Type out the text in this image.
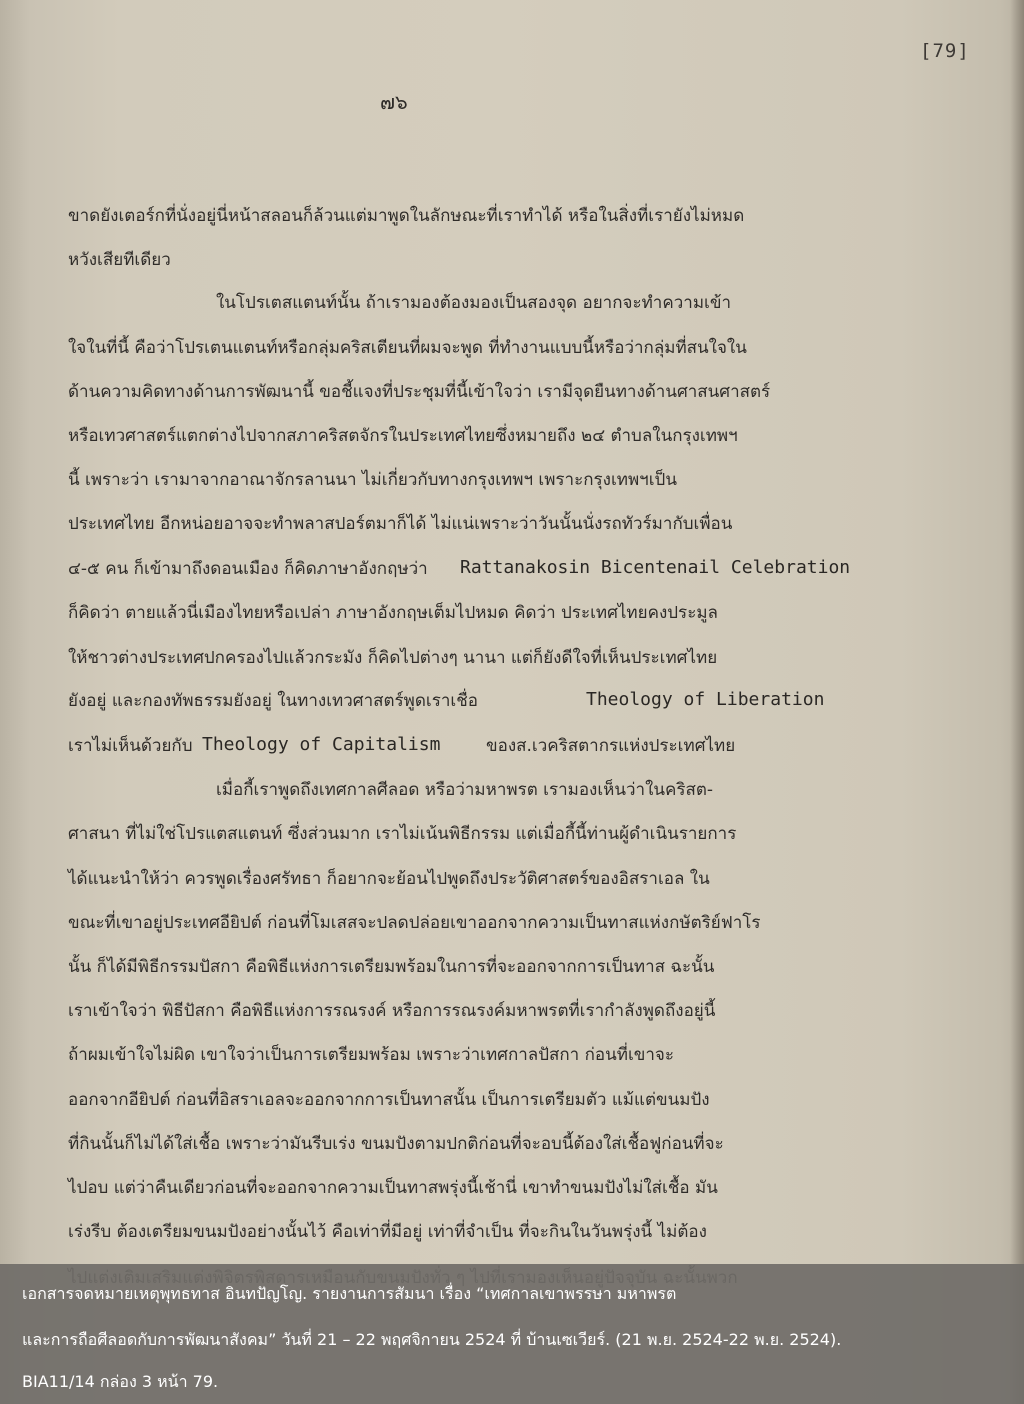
[79]
๗๖
ขาดยังเตอร์กที่นั่งอยู่นี่หน้าสลอนก็ล้วนแต่มาพูดในลักษณะที่เราทำได้ หรือในสิ่งที่เรายังไม่หมด
หวังเสียทีเดียว
ในโปรเตสแตนท์นั้น ถ้าเรามองต้องมองเป็นสองจุด อยากจะทำความเข้า
ใจในที่นี้ คือว่าโปรเตนแตนท์หรือกลุ่มคริสเตียนที่ผมจะพูด ที่ทำงานแบบนี้หรือว่ากลุ่มที่สนใจใน
ด้านความคิดทางด้านการพัฒนานี้ ขอชี้แจงที่ประชุมที่นี้เข้าใจว่า เรามีจุดยืนทางด้านศาสนศาสตร์
หรือเทวศาสตร์แตกต่างไปจากสภาคริสตจักรในประเทศไทยซึ่งหมายถึง ๒๔ ตำบลในกรุงเทพฯ
นี้ เพราะว่า เรามาจากอาณาจักรลานนา ไม่เกี่ยวกับทางกรุงเทพฯ เพราะกรุงเทพฯเป็น
ประเทศไทย อีกหน่อยอาจจะทำพลาสปอร์ตมาก็ได้ ไม่แน่เพราะว่าวันนั้นนั่งรถทัวร์มากับเพื่อน
๔-๕ คน ก็เข้ามาถึงดอนเมือง ก็คิดภาษาอังกฤษว่า Rattanakosin Bicentenail Celebration
ก็คิดว่า ตายแล้วนี่เมืองไทยหรือเปล่า ภาษาอังกฤษเต็มไปหมด คิดว่า ประเทศไทยคงประมูล
ให้ชาวต่างประเทศปกครองไปแล้วกระมัง ก็คิดไปต่างๆ นานา แต่ก็ยังดีใจที่เห็นประเทศไทย
ยังอยู่ และกองทัพธรรมยังอยู่ ในทางเทวศาสตร์พูดเราเชื่อ	Theology of Liberation
เราไม่เห็นด้วยกับ Theology of Capitalism	ของส.เวคริสตากรแห่งประเทศไทย
เมื่อกี้เราพูดถึงเทศกาลศีลอด หรือว่ามหาพรต เรามองเห็นว่าในคริสต-
ศาสนา ที่ไม่ใช่โปรแตสแตนท์ ซึ่งส่วนมาก เราไม่เน้นพิธีกรรม แต่เมื่อกี้นี้ท่านผู้ดำเนินรายการ
ได้แนะนำให้ว่า ควรพูดเรื่องศรัทธา ก็อยากจะย้อนไปพูดถึงประวัติศาสตร์ของอิสราเอล ใน
ขณะที่เขาอยู่ประเทศอียิปต์ ก่อนที่โมเสสจะปลดปล่อยเขาออกจากความเป็นทาสแห่งกษัตริย์ฟาโร
นั้น ก็ได้มีพิธีกรรมปัสกา คือพิธีแห่งการเตรียมพร้อมในการที่จะออกจากการเป็นทาส ฉะนั้น
เราเข้าใจว่า พิธีปัสกา คือพิธีแห่งการรณรงค์ หรือการรณรงค์มหาพรตที่เรากำลังพูดถึงอยู่นี้
ถ้าผมเข้าใจไม่ผิด เขาใจว่าเป็นการเตรียมพร้อม เพราะว่าเทศกาลปัสกา ก่อนที่เขาจะ
ออกจากอียิปต์ ก่อนที่อิสราเอลจะออกจากการเป็นทาสนั้น เป็นการเตรียมตัว แม้แต่ขนมปัง
ที่กินนั้นก็ไม่ได้ใส่เชื้อ เพราะว่ามันรีบเร่ง ขนมปังตามปกติก่อนที่จะอบนี้ต้องใส่เชื้อฟูก่อนที่จะ
ไปอบ แต่ว่าคืนเดียวก่อนที่จะออกจากความเป็นทาสพรุ่งนี้เช้านี่ เขาทำขนมปังไม่ใส่เชื้อ มัน
เร่งรีบ ต้องเตรียมขนมปังอย่างนั้นไว้ คือเท่าที่มีอยู่ เท่าที่จำเป็น ที่จะกินในวันพรุ่งนี้ ไม่ต้อง
เอกสารจดหมายเหตุพุทธทาส อินทปัญโญ. รายงานการสัมนา เรื่อง “เทศกาลเขาพรรษา มหาพรต
และการถือศีลอดกับการพัฒนาสังคม” วันที่ 21 – 22 พฤศจิกายน 2524 ที่ บ้านเซเวียร์. (21 พ.ย. 2524-22 พ.ย. 2524).
BIA11/14 กล่อง 3 หน้า 79.
